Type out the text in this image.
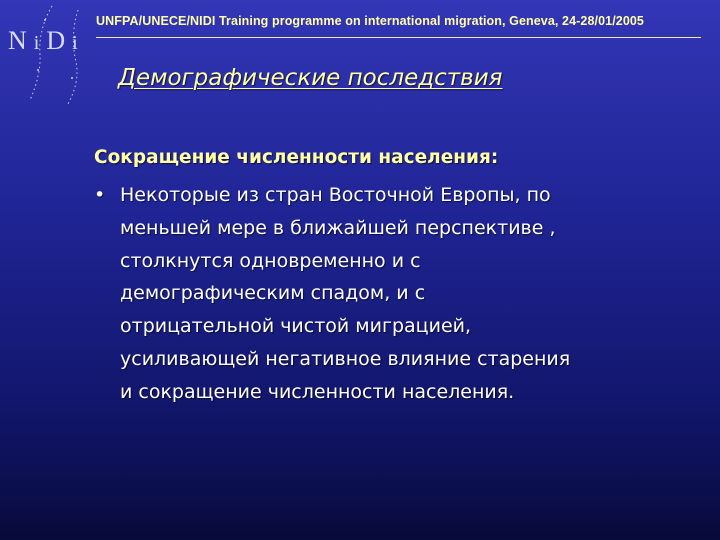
N i D i
UNFPA/UNECE/NIDI Training programme on international migration, Geneva, 24-28/01/2005
Демографические последствия
Сокращение численности населения:
• Некоторые из стран Восточной Европы, по
меньшей мере в ближайшей перспективе ,
столкнутся одновременно и с
демографическим спадом, и с
отрицательной чистой миграцией,
усиливающей негативное влияние старения
и сокращение численности населения.
